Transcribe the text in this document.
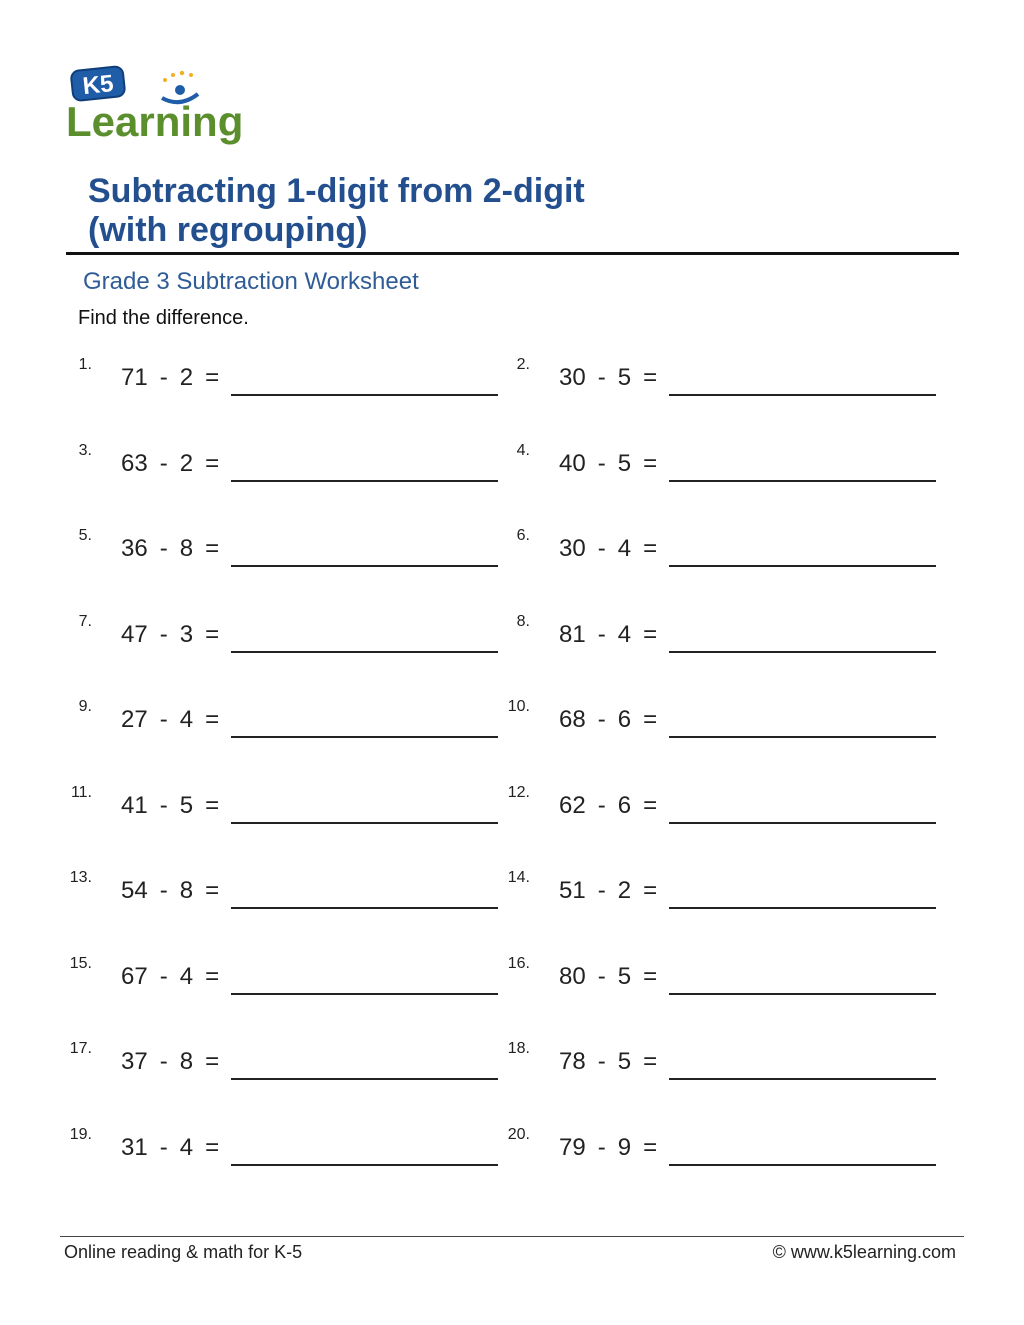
K5
Learning
Subtracting 1-digit from 2-digit
(with regrouping)
Grade 3 Subtraction Worksheet
Find the difference.
1. 71 - 2 =	2. 30 - 5 =
3. 63 - 2 =	4. 40 - 5 =
5. 36 - 8 =	6. 30 - 4 =
7. 47 - 3 =	8. 81 - 4 =
9. 27 - 4 =	10. 68 - 6 =
11. 41 - 5 =	12. 62 - 6 =
13. 54 - 8 =	14. 51 - 2 =
15. 67 - 4 =	16. 80 - 5 =
17. 37 - 8 =	18. 78 - 5 =
19. 31 - 4 =	20. 79 - 9 =
Online reading & math for K-5	© www.k5learning.com
